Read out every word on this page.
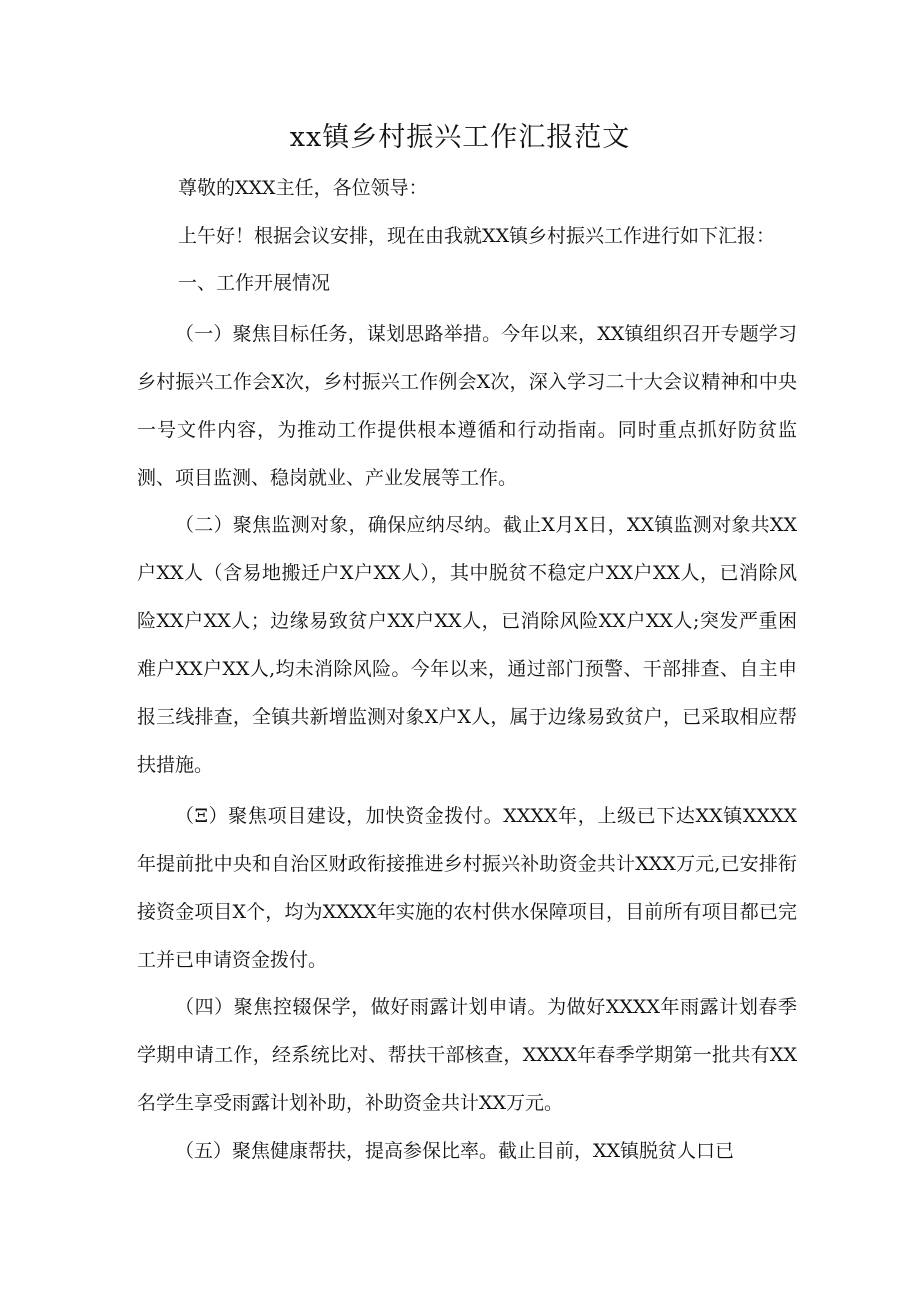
xx镇乡村振兴工作汇报范文
尊敬的XXX主任，各位领导：
上午好！根据会议安排，现在由我就XX镇乡村振兴工作进行如下汇报：
一、工作开展情况
（一）聚焦目标任务，谋划思路举措。今年以来，XX镇组织召开专题学习乡村振兴工作会X次，乡村振兴工作例会X次，深入学习二十大会议精神和中央一号文件内容，为推动工作提供根本遵循和行动指南。同时重点抓好防贫监测、项目监测、稳岗就业、产业发展等工作。
（二）聚焦监测对象，确保应纳尽纳。截止X月X日，XX镇监测对象共XX户XX人（含易地搬迁户X户XX人），其中脱贫不稳定户XX户XX人，已消除风险XX户XX人；边缘易致贫户XX户XX人，已消除风险XX户XX人;突发严重困难户XX户XX人,均未消除风险。今年以来，通过部门预警、干部排查、自主申报三线排查，全镇共新增监测对象X户X人，属于边缘易致贫户，已采取相应帮扶措施。
（Ξ）聚焦项目建设，加快资金拨付。XXXX年，上级已下达XX镇XXXX年提前批中央和自治区财政衔接推进乡村振兴补助资金共计XXX万元,已安排衔接资金项目X个，均为XXXX年实施的农村供水保障项目，目前所有项目都已完工并已申请资金拨付。
（四）聚焦控辍保学，做好雨露计划申请。为做好XXXX年雨露计划春季学期申请工作，经系统比对、帮扶干部核查，XXXX年春季学期第一批共有XX名学生享受雨露计划补助，补助资金共计XX万元。
（五）聚焦健康帮扶，提高参保比率。截止目前，XX镇脱贫人口已
